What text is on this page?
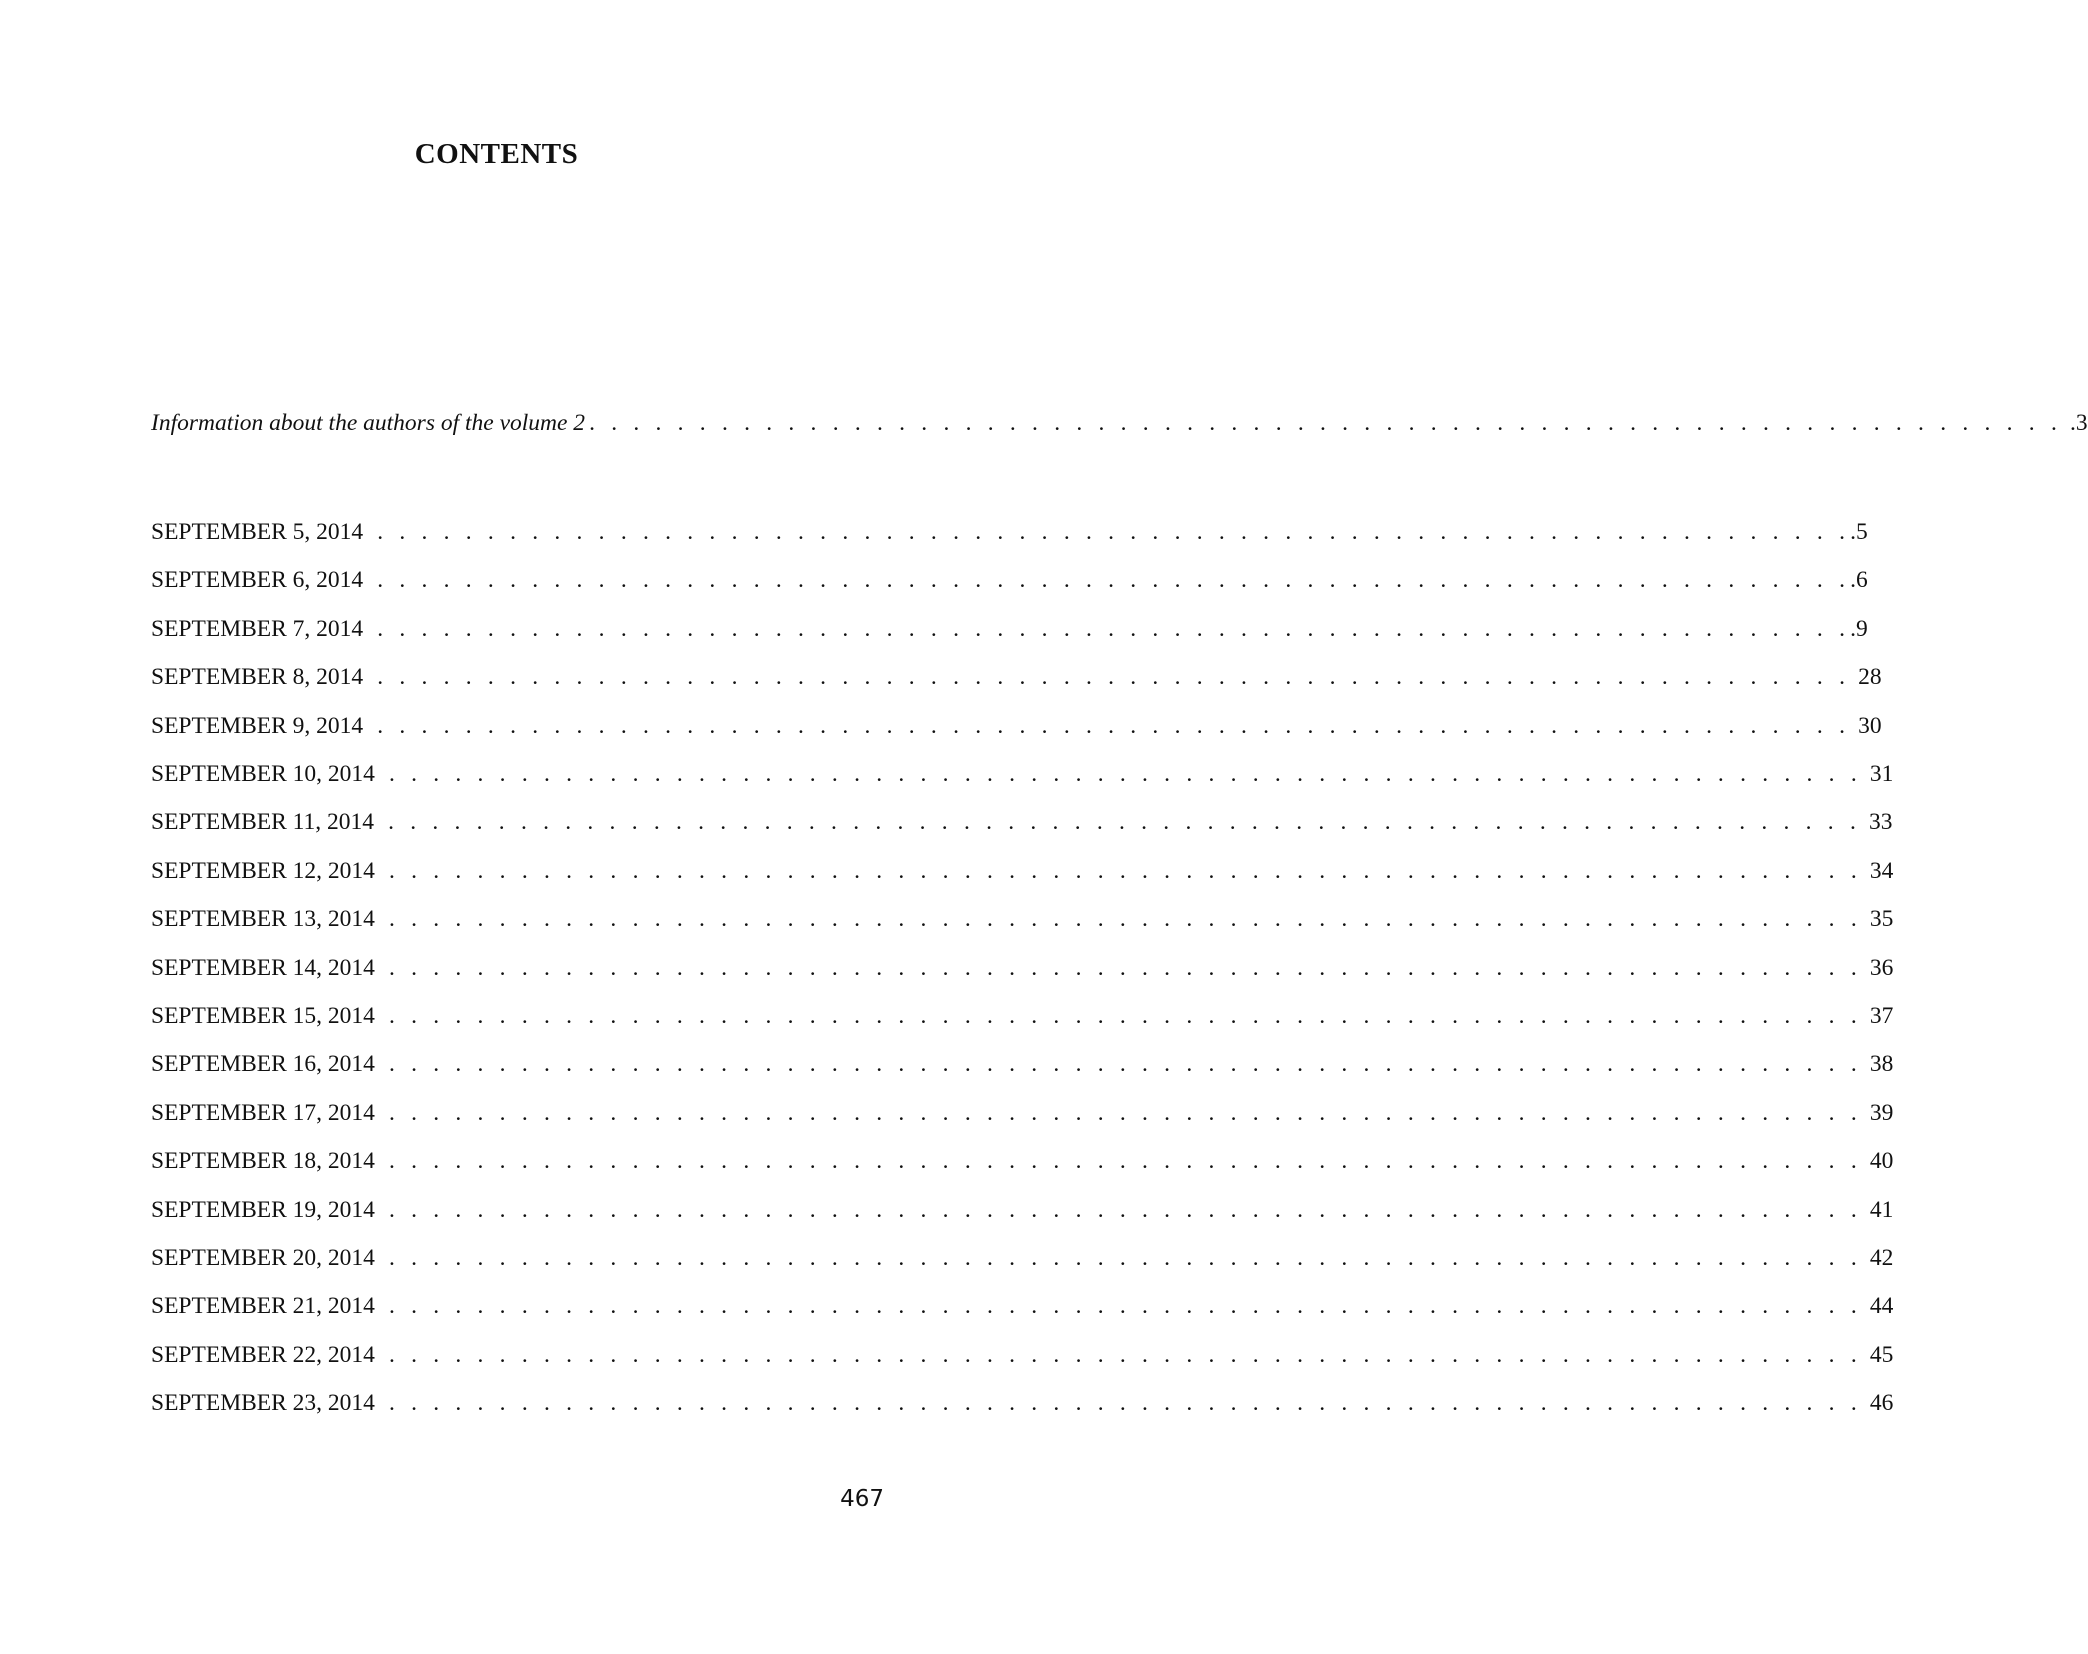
CONTENTS
Information about the authors of the volume 2 . . . . . . . . . . . . . . . . . . . . . . . . . . . . . . . . . . . . . . . . . . . . . . . . . . . . . . . . . . . . . . . . . . . .3
SEPTEMBER 5, 2014 . . . . . . . . . . . . . . . . . . . . . . . . . . . . . . . . . . . . . . . . . . . . . . . . . . . . . . . . . . . . . . . . . . . .5
SEPTEMBER 6, 2014 . . . . . . . . . . . . . . . . . . . . . . . . . . . . . . . . . . . . . . . . . . . . . . . . . . . . . . . . . . . . . . . . . . . .6
SEPTEMBER 7, 2014 . . . . . . . . . . . . . . . . . . . . . . . . . . . . . . . . . . . . . . . . . . . . . . . . . . . . . . . . . . . . . . . . . . . .9
SEPTEMBER 8, 2014 . . . . . . . . . . . . . . . . . . . . . . . . . . . . . . . . . . . . . . . . . . . . . . . . . . . . . . . . . . . . . . . . . . . 28
SEPTEMBER 9, 2014 . . . . . . . . . . . . . . . . . . . . . . . . . . . . . . . . . . . . . . . . . . . . . . . . . . . . . . . . . . . . . . . . . . . 30
SEPTEMBER 10, 2014 . . . . . . . . . . . . . . . . . . . . . . . . . . . . . . . . . . . . . . . . . . . . . . . . . . . . . . . . . . . . . . . . . . . 31
SEPTEMBER 11, 2014 . . . . . . . . . . . . . . . . . . . . . . . . . . . . . . . . . . . . . . . . . . . . . . . . . . . . . . . . . . . . . . . . . . . 33
SEPTEMBER 12, 2014 . . . . . . . . . . . . . . . . . . . . . . . . . . . . . . . . . . . . . . . . . . . . . . . . . . . . . . . . . . . . . . . . . . . 34
SEPTEMBER 13, 2014 . . . . . . . . . . . . . . . . . . . . . . . . . . . . . . . . . . . . . . . . . . . . . . . . . . . . . . . . . . . . . . . . . . . 35
SEPTEMBER 14, 2014 . . . . . . . . . . . . . . . . . . . . . . . . . . . . . . . . . . . . . . . . . . . . . . . . . . . . . . . . . . . . . . . . . . . 36
SEPTEMBER 15, 2014 . . . . . . . . . . . . . . . . . . . . . . . . . . . . . . . . . . . . . . . . . . . . . . . . . . . . . . . . . . . . . . . . . . . 37
SEPTEMBER 16, 2014 . . . . . . . . . . . . . . . . . . . . . . . . . . . . . . . . . . . . . . . . . . . . . . . . . . . . . . . . . . . . . . . . . . . 38
SEPTEMBER 17, 2014 . . . . . . . . . . . . . . . . . . . . . . . . . . . . . . . . . . . . . . . . . . . . . . . . . . . . . . . . . . . . . . . . . . . 39
SEPTEMBER 18, 2014 . . . . . . . . . . . . . . . . . . . . . . . . . . . . . . . . . . . . . . . . . . . . . . . . . . . . . . . . . . . . . . . . . . . 40
SEPTEMBER 19, 2014 . . . . . . . . . . . . . . . . . . . . . . . . . . . . . . . . . . . . . . . . . . . . . . . . . . . . . . . . . . . . . . . . . . . 41
SEPTEMBER 20, 2014 . . . . . . . . . . . . . . . . . . . . . . . . . . . . . . . . . . . . . . . . . . . . . . . . . . . . . . . . . . . . . . . . . . . 42
SEPTEMBER 21, 2014 . . . . . . . . . . . . . . . . . . . . . . . . . . . . . . . . . . . . . . . . . . . . . . . . . . . . . . . . . . . . . . . . . . . 44
SEPTEMBER 22, 2014 . . . . . . . . . . . . . . . . . . . . . . . . . . . . . . . . . . . . . . . . . . . . . . . . . . . . . . . . . . . . . . . . . . . 45
SEPTEMBER 23, 2014 . . . . . . . . . . . . . . . . . . . . . . . . . . . . . . . . . . . . . . . . . . . . . . . . . . . . . . . . . . . . . . . . . . . 46
467
